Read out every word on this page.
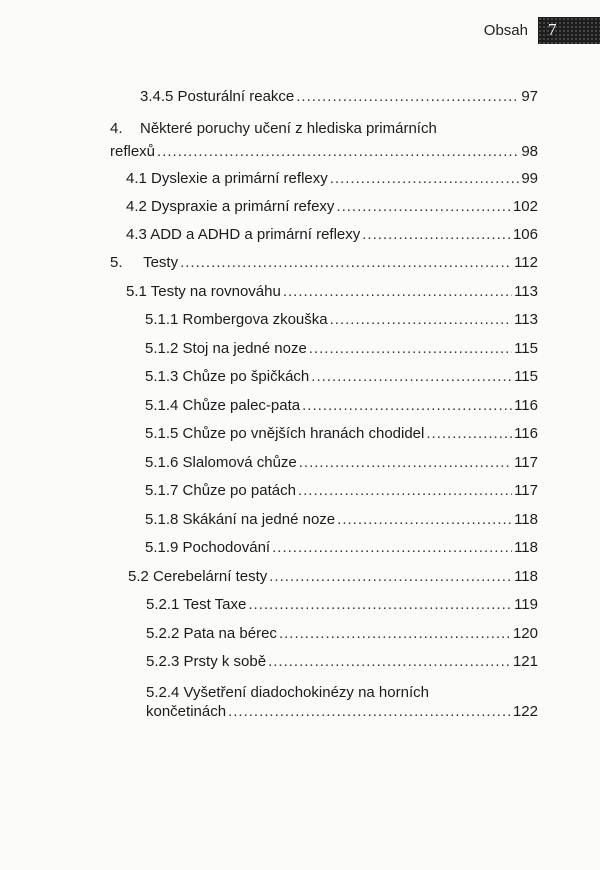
Obsah 7
3.4.5 Posturální reakce .....	97
4. Některé poruchy učení z hlediska primárních
reflexů .....	98
4.1 Dyslexie a primární reflexy .....	99
4.2 Dyspraxie a primární refexy .....	102
4.3 ADD a ADHD a primární reflexy .....	106
5.     Testy .....	112
5.1 Testy na rovnováhu .....	113
5.1.1 Rombergova zkouška .....	113
5.1.2 Stoj na jedné noze .....	115
5.1.3 Chůze po špičkách .....	115
5.1.4 Chůze palec-pata .....	116
5.1.5 Chůze po vnějších hranách chodidel .....	116
5.1.6 Slalomová chůze .....	117
5.1.7 Chůze po patách .....	117
5.1.8 Skákání na jedné noze .....	118
5.1.9 Pochodování .....	118
5.2 Cerebelární testy .....	118
5.2.1 Test Taxe .....	119
5.2.2 Pata na bérec .....	120
5.2.3 Prsty k sobě .....	121
5.2.4 Vyšetření diadochokinézy na horních
končetinách .....	122
